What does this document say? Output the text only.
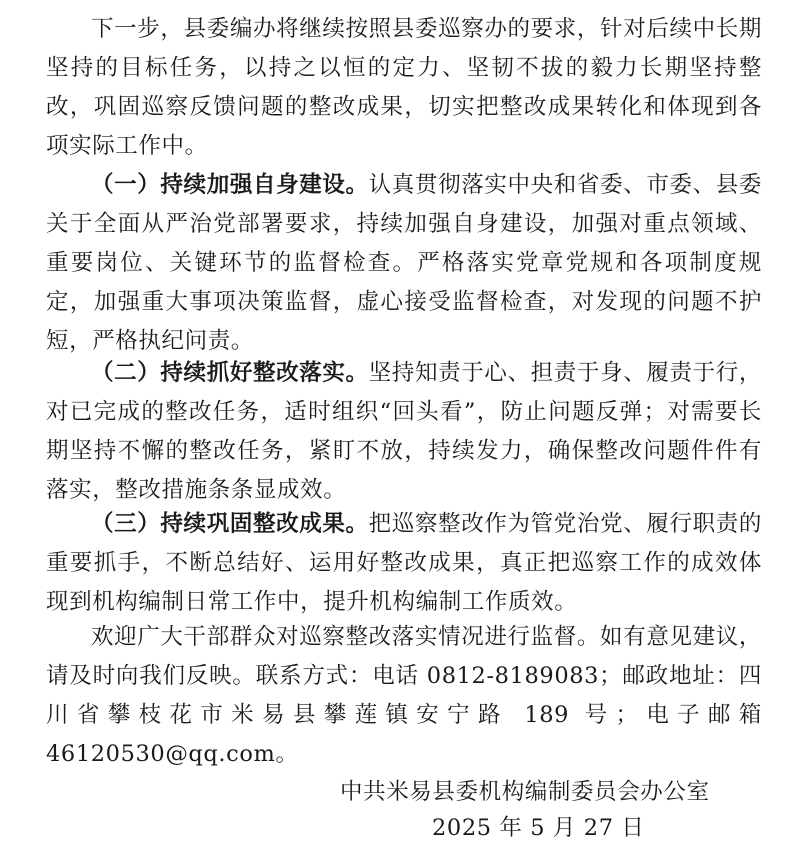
下一步，县委编办将继续按照县委巡察办的要求，针对后续中长期坚持的目标任务，以持之以恒的定力、坚韧不拔的毅力长期坚持整改，巩固巡察反馈问题的整改成果，切实把整改成果转化和体现到各项实际工作中。

（一）持续加强自身建设。认真贯彻落实中央和省委、市委、县委关于全面从严治党部署要求，持续加强自身建设，加强对重点领域、重要岗位、关键环节的监督检查。严格落实党章党规和各项制度规定，加强重大事项决策监督，虚心接受监督检查，对发现的问题不护短，严格执纪问责。

（二）持续抓好整改落实。坚持知责于心、担责于身、履责于行，对已完成的整改任务，适时组织“回头看”，防止问题反弹；对需要长期坚持不懈的整改任务，紧盯不放，持续发力，确保整改问题件件有落实，整改措施条条显成效。

（三）持续巩固整改成果。把巡察整改作为管党治党、履行职责的重要抓手，不断总结好、运用好整改成果，真正把巡察工作的成效体现到机构编制日常工作中，提升机构编制工作质效。

欢迎广大干部群众对巡察整改落实情况进行监督。如有意见建议，请及时向我们反映。联系方式：电话 0812-8189083；邮政地址：四川省攀枝花市米易县攀莲镇安宁路 189 号；电子邮箱 46120530@qq.com。

中共米易县委机构编制委员会办公室

2025 年 5 月 27 日
